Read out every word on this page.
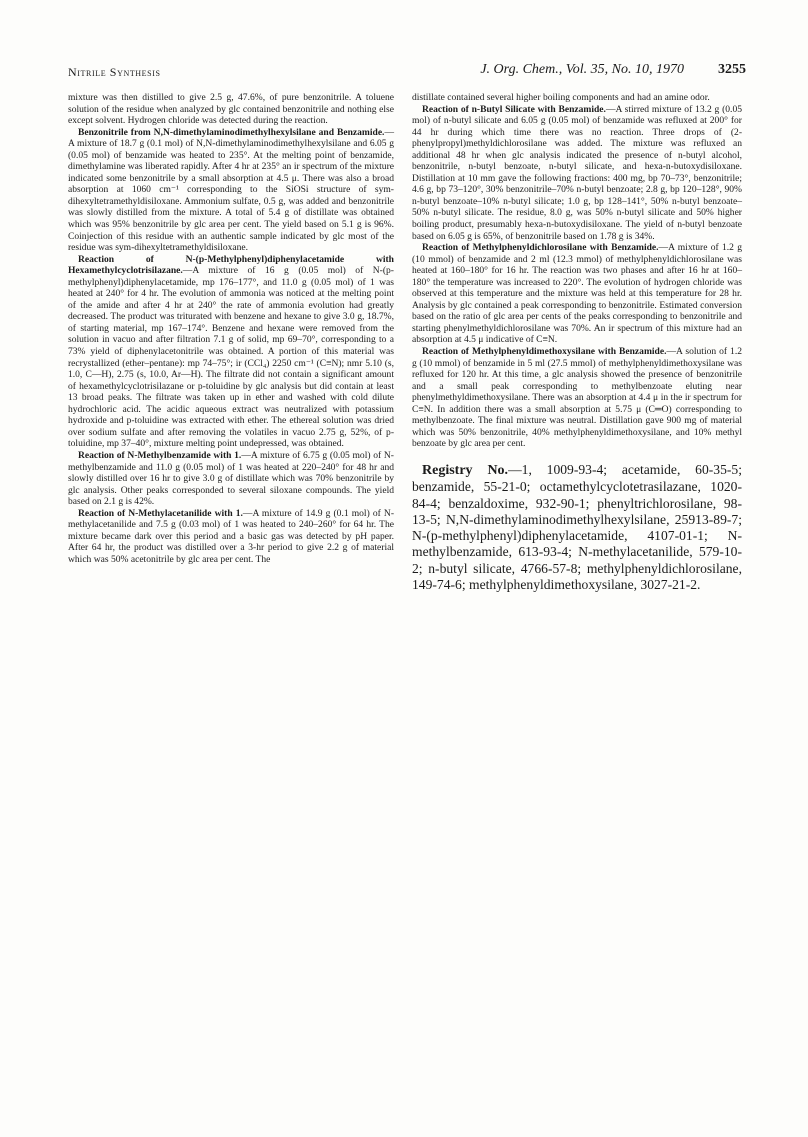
Nitrile Synthesis	J. Org. Chem., Vol. 35, No. 10, 1970 3255

mixture was then distilled to give 2.5 g, 47.6%, of pure benzonitrile. A toluene solution of the residue when analyzed by glc contained benzonitrile and nothing else except solvent. Hydrogen chloride was detected during the reaction.

Benzonitrile from N,N-dimethylaminodimethylhexylsilane and Benzamide.—A mixture of 18.7 g (0.1 mol) of N,N-dimethylaminodimethylhexylsilane and 6.05 g (0.05 mol) of benzamide was heated to 235°. At the melting point of benzamide, dimethylamine was liberated rapidly. After 4 hr at 235° an ir spectrum of the mixture indicated some benzonitrile by a small absorption at 4.5 μ. There was also a broad absorption at 1060 cm⁻¹ corresponding to the SiOSi structure of sym-dihexyltetramethyldisiloxane. Ammonium sulfate, 0.5 g, was added and benzonitrile was slowly distilled from the mixture. A total of 5.4 g of distillate was obtained which was 95% benzonitrile by glc area per cent. The yield based on 5.1 g is 96%. Coinjection of this residue with an authentic sample indicated by glc most of the residue was sym-dihexyltetramethyldisiloxane.

Reaction of N-(p-Methylphenyl)diphenylacetamide with Hexamethylcyclotrisilazane.—A mixture of 16 g (0.05 mol) of N-(p-methylphenyl)diphenylacetamide, mp 176–177°, and 11.0 g (0.05 mol) of 1 was heated at 240° for 4 hr. The evolution of ammonia was noticed at the melting point of the amide and after 4 hr at 240° the rate of ammonia evolution had greatly decreased. The product was triturated with benzene and hexane to give 3.0 g, 18.7%, of starting material, mp 167–174°. Benzene and hexane were removed from the solution in vacuo and after filtration 7.1 g of solid, mp 69–70°, corresponding to a 73% yield of diphenylacetonitrile was obtained. A portion of this material was recrystallized (ether–pentane): mp 74–75°; ir (CCl₄) 2250 cm⁻¹ (C≡N); nmr 5.10 (s, 1.0, C—H), 2.75 (s, 10.0, Ar—H). The filtrate did not contain a significant amount of hexamethylcyclotrisilazane or p-toluidine by glc analysis but did contain at least 13 broad peaks. The filtrate was taken up in ether and washed with cold dilute hydrochloric acid. The acidic aqueous extract was neutralized with potassium hydroxide and p-toluidine was extracted with ether. The ethereal solution was dried over sodium sulfate and after removing the volatiles in vacuo 2.75 g, 52%, of p-toluidine, mp 37–40°, mixture melting point undepressed, was obtained.

Reaction of N-Methylbenzamide with 1.—A mixture of 6.75 g (0.05 mol) of N-methylbenzamide and 11.0 g (0.05 mol) of 1 was heated at 220–240° for 48 hr and slowly distilled over 16 hr to give 3.0 g of distillate which was 70% benzonitrile by glc analysis. Other peaks corresponded to several siloxane compounds. The yield based on 2.1 g is 42%.

Reaction of N-Methylacetanilide with 1.—A mixture of 14.9 g (0.1 mol) of N-methylacetanilide and 7.5 g (0.03 mol) of 1 was heated to 240–260° for 64 hr. The mixture became dark over this period and a basic gas was detected by pH paper. After 64 hr, the product was distilled over a 3-hr period to give 2.2 g of material which was 50% acetonitrile by glc area per cent. The

distillate contained several higher boiling components and had an amine odor.

Reaction of n-Butyl Silicate with Benzamide.—A stirred mixture of 13.2 g (0.05 mol) of n-butyl silicate and 6.05 g (0.05 mol) of benzamide was refluxed at 200° for 44 hr during which time there was no reaction. Three drops of (2-phenylpropyl)methyldichlorosilane was added. The mixture was refluxed an additional 48 hr when glc analysis indicated the presence of n-butyl alcohol, benzonitrile, n-butyl benzoate, n-butyl silicate, and hexa-n-butoxydisiloxane. Distillation at 10 mm gave the following fractions: 400 mg, bp 70–73°, benzonitrile; 4.6 g, bp 73–120°, 30% benzonitrile–70% n-butyl benzoate; 2.8 g, bp 120–128°, 90% n-butyl benzoate–10% n-butyl silicate; 1.0 g, bp 128–141°, 50% n-butyl benzoate–50% n-butyl silicate. The residue, 8.0 g, was 50% n-butyl silicate and 50% higher boiling product, presumably hexa-n-butoxydisiloxane. The yield of n-butyl benzoate based on 6.05 g is 65%, of benzonitrile based on 1.78 g is 34%.

Reaction of Methylphenyldichlorosilane with Benzamide.—A mixture of 1.2 g (10 mmol) of benzamide and 2 ml (12.3 mmol) of methylphenyldichlorosilane was heated at 160–180° for 16 hr. The reaction was two phases and after 16 hr at 160–180° the temperature was increased to 220°. The evolution of hydrogen chloride was observed at this temperature and the mixture was held at this temperature for 28 hr. Analysis by glc contained a peak corresponding to benzonitrile. Estimated conversion based on the ratio of glc area per cents of the peaks corresponding to benzonitrile and starting phenylmethyldichlorosilane was 70%. An ir spectrum of this mixture had an absorption at 4.5 μ indicative of C≡N.

Reaction of Methylphenyldimethoxysilane with Benzamide.—A solution of 1.2 g (10 mmol) of benzamide in 5 ml (27.5 mmol) of methylphenyldimethoxysilane was refluxed for 120 hr. At this time, a glc analysis showed the presence of benzonitrile and a small peak corresponding to methylbenzoate eluting near phenylmethyldimethoxysilane. There was an absorption at 4.4 μ in the ir spectrum for C≡N. In addition there was a small absorption at 5.75 μ (C═O) corresponding to methylbenzoate. The final mixture was neutral. Distillation gave 900 mg of material which was 50% benzonitrile, 40% methylphenyldimethoxysilane, and 10% methyl benzoate by glc area per cent.

Registry No.—1, 1009-93-4; acetamide, 60-35-5; benzamide, 55-21-0; octamethylcyclotetrasilazane, 1020-84-4; benzaldoxime, 932-90-1; phenyltrichlorosilane, 98-13-5; N,N-dimethylaminodimethylhexylsilane, 25913-89-7; N-(p-methylphenyl)diphenylacetamide, 4107-01-1; N-methylbenzamide, 613-93-4; N-methylacetanilide, 579-10-2; n-butyl silicate, 4766-57-8; methylphenyldichlorosilane, 149-74-6; methylphenyldimethoxysilane, 3027-21-2.
